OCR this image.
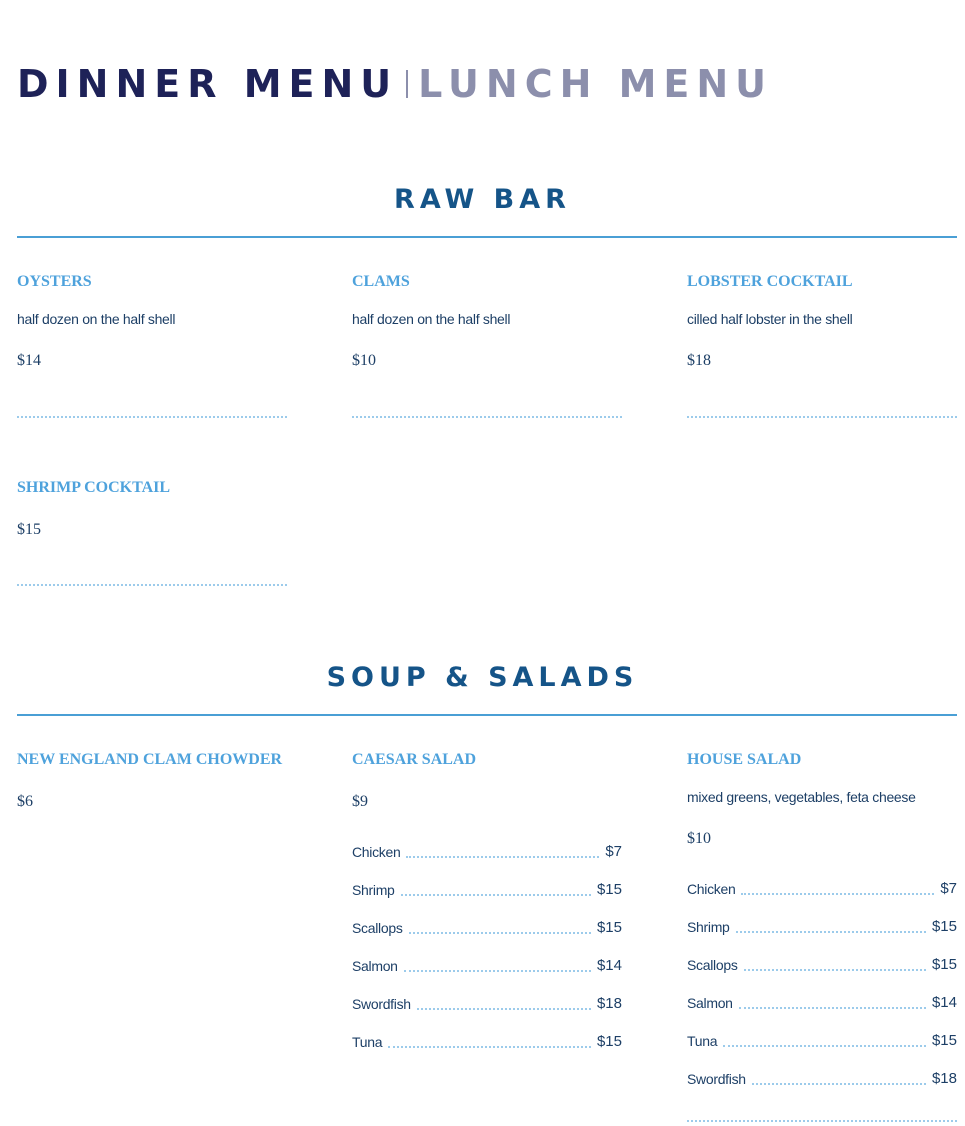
DINNER MENU LUNCH MENU
RAW BAR
OYSTERS
half dozen on the half shell
$14
CLAMS
half dozen on the half shell
$10
LOBSTER COCKTAIL
cilled half lobster in the shell
$18
SHRIMP COCKTAIL
$15
SOUP & SALADS
NEW ENGLAND CLAM CHOWDER
$6
CAESAR SALAD
$9
Chicken	$7
Shrimp	$15
Scallops	$15
Salmon	$14
Swordfish	$18
Tuna	$15
HOUSE SALAD
mixed greens, vegetables, feta cheese
$10
Chicken	$7
Shrimp	$15
Scallops	$15
Salmon	$14
Tuna	$15
Swordfish	$18
